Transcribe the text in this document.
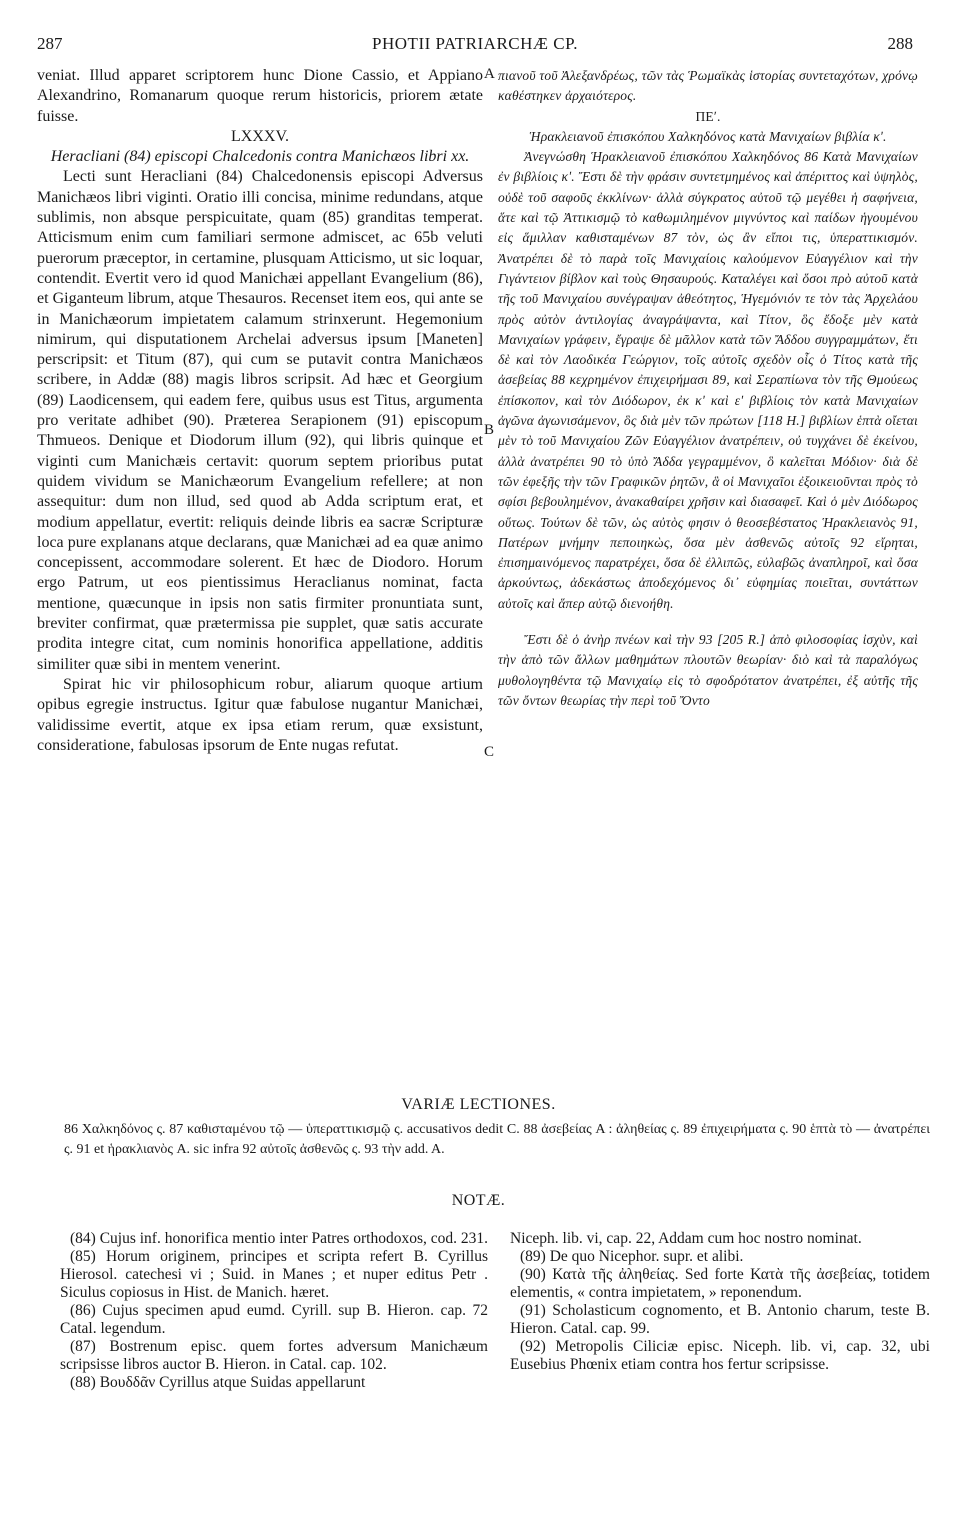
287	PHOTII PATRIARCHÆ CP.	288

veniat. Illud apparet scriptorem hunc Dione Cassio, et Appiano Alexandrino, Romanarum quoque rerum historicis, priorem ætate fuisse.

LXXXV.

Heracliani (84) episcopi Chalcedonis contra Manichæos libri xx.

Lecti sunt Heracliani (84) Chalcedonensis episcopi Adversus Manichæos libri viginti. Oratio illi concisa, minime redundans, atque sublimis, non absque perspicuitate, quam (85) granditas temperat. Atticismum enim cum familiari sermone admiscet, ac 65b veluti puerorum præceptor, in certamine, plusquam Atticismo, ut sic loquar, contendit. Evertit vero id quod Manichæi appellant Evangelium (86), et Giganteum librum, atque Thesauros. Recenset item eos, qui ante se in Manichæorum impietatem calamum strinxerunt. Hegemonium nimirum, qui disputationem Archelai adversus ipsum [Maneten] perscripsit: et Titum (87), qui cum se putavit contra Manichæos scribere, in Addæ (88) magis libros scripsit. Ad hæc et Georgium (89) Laodicensem, qui eadem fere, quibus usus est Titus, argumenta pro veritate adhibet (90). Præterea Serapionem (91) episcopum Thmueos. Denique et Diodorum illum (92), qui libris quinque et viginti cum Manichæis certavit: quorum septem prioribus putat quidem vividum se Manichæorum Evangelium refellere; at non assequitur: dum non illud, sed quod ab Adda scriptum erat, et modium appellatur, evertit: reliquis deinde libris ea sacræ Scripturæ loca pure explanans atque declarans, quæ Manichæi ad ea quæ animo concepissent, accommodare solerent. Et hæc de Diodoro. Horum ergo Patrum, ut eos pientissimus Heraclianus nominat, facta mentione, quæcunque in ipsis non satis firmiter pronuntiata sunt, breviter confirmat, quæ prætermissa pie supplet, quæ satis accurate prodita integre citat, cum nominis honorifica appellatione, additis similiter quæ sibi in mentem venerint.

Spirat hic vir philosophicum robur, aliarum quoque artium opibus egregie instructus. Igitur quæ fabulose nugantur Manichæi, validissime evertit, atque ex ipsa etiam rerum, quæ exsistunt, consideratione, fabulosas ipsorum de Ente nugas refutat.

A
B
C

πιανοῦ τοῦ Ἀλεξανδρέως, τῶν τὰς Ῥωμαϊκὰς ἱστορίας συντεταχότων, χρόνῳ καθέστηκεν ἀρχαιότερος.

ΠΕʹ.

Ἡρακλειανοῦ ἐπισκόπου Χαλκηδόνος κατὰ Μανιχαίων βιβλία κʹ.

Ἀνεγνώσθη Ἡρακλειανοῦ ἐπισκόπου Χαλκηδόνος 86 Κατὰ Μανιχαίων ἐν βιβλίοις κʹ. Ἔστι δὲ τὴν φράσιν συντετμημένος καὶ ἀπέριττος καὶ ὑψηλὸς, οὐδὲ τοῦ σαφοῦς ἐκκλίνων· ἀλλὰ σύγκρατος αὐτοῦ τῷ μεγέθει ἡ σαφήνεια, ἅτε καὶ τῷ Ἀττικισμῷ τὸ καθωμιλημένον μιγνύντος καὶ παίδων ἡγουμένου εἰς ἅμιλλαν καθισταμένων 87 τὸν, ὡς ἂν εἴποι τις, ὑπεραττικισμόν. Ἀνατρέπει δὲ τὸ παρὰ τοῖς Μανιχαίοις καλούμενον Εὐαγγέλιον καὶ τὴν Γιγάντειον βίβλον καὶ τοὺς Θησαυρούς. Καταλέγει καὶ ὅσοι πρὸ αὐτοῦ κατὰ τῆς τοῦ Μανιχαίου συνέγραψαν ἀθεότητος, Ἡγεμόνιόν τε τὸν τὰς Ἀρχελάου πρὸς αὐτὸν ἀντιλογίας ἀναγράψαντα, καὶ Τίτον, ὃς ἔδοξε μὲν κατὰ Μανιχαίων γράφειν, ἔγραψε δὲ μᾶλλον κατὰ τῶν Ἄδδου συγγραμμάτων, ἔτι δὲ καὶ τὸν Λαοδικέα Γεώργιον, τοῖς αὐτοῖς σχεδὸν οἷς ὁ Τίτος κατὰ τῆς ἀσεβείας 88 κεχρημένον ἐπιχειρήμασι 89, καὶ Σεραπίωνα τὸν τῆς Θμούεως ἐπίσκοπον, καὶ τὸν Διόδωρον, ἐκ κʹ καὶ εʹ βιβλίοις τὸν κατὰ Μανιχαίων ἀγῶνα ἀγωνισάμενον, ὃς διὰ μὲν τῶν πρώτων [118 H.] βιβλίων ἑπτὰ οἴεται μὲν τὸ τοῦ Μανιχαίου Ζῶν Εὐαγγέλιον ἀνατρέπειν, οὐ τυγχάνει δὲ ἐκείνου, ἀλλὰ ἀνατρέπει 90 τὸ ὑπὸ Ἄδδα γεγραμμένον, ὃ καλεῖται Μόδιον· διὰ δὲ τῶν ἐφεξῆς τὴν τῶν Γραφικῶν ῥητῶν, ἃ οἱ Μανιχαῖοι ἐξοικειοῦνται πρὸς τὸ σφίσι βεβουλημένον, ἀνακαθαίρει χρῆσιν καὶ διασαφεῖ. Καὶ ὁ μὲν Διόδωρος οὕτως. Τούτων δὲ τῶν, ὡς αὐτὸς φησιν ὁ θεοσεβέστατος Ἡρακλειανὸς 91, Πατέρων μνήμην πεποιηκὼς, ὅσα μὲν ἀσθενῶς αὐτοῖς 92 εἴρηται, ἐπισημαινόμενος παρατρέχει, ὅσα δὲ ἐλλιπῶς, εὐλαβῶς ἀναπληροῖ, καὶ ὅσα ἀρκούντως, ἀδεκάστως ἀποδεχόμενος δι᾽ εὐφημίας ποιεῖται, συντάττων αὐτοῖς καὶ ἅπερ αὐτῷ διενοήθη.

Ἔστι δὲ ὁ ἀνὴρ πνέων καὶ τὴν 93 [205 R.] ἀπὸ φιλοσοφίας ἰσχὺν, καὶ τὴν ἀπὸ τῶν ἄλλων μαθημάτων πλουτῶν θεωρίαν· διὸ καὶ τὰ παραλόγως μυθολογηθέντα τῷ Μανιχαίῳ εἰς τὸ σφοδρότατον ἀνατρέπει, ἐξ αὐτῆς τῆς τῶν ὄντων θεωρίας τὴν περὶ τοῦ Ὄντο

VARIÆ LECTIONES.
86 Χαλκηδόνος ς. 87 καθισταμένου τῷ — ὑπεραττικισμῷ ς. accusativos dedit C. 88 ἀσεβείας A : ἀληθείας ς. 89 ἐπιχειρήματα ς. 90 ἑπτὰ τὸ — ἀνατρέπει ς. 91 et ἡρακλιανὸς A. sic infra 92 αὐτοῖς ἀσθενῶς ς. 93 τὴν add. A.
NOTÆ.

(84) Cujus inf. honorifica mentio inter Patres orthodoxos, cod. 231.

(85) Horum originem, principes et scripta refert B. Cyrillus Hierosol. catechesi vi ; Suid. in Manes ; et nuper editus Petr . Siculus copiosus in Hist. de Manich. hæret.

(86) Cujus specimen apud eumd. Cyrill. sup B. Hieron. cap. 72 Catal. legendum.

(87) Bostrenum episc. quem fortes adversum Manichæum scripsisse libros auctor B. Hieron. in Catal. cap. 102.

(88) Βουδδᾶν Cyrillus atque Suidas appellarunt

Niceph. lib. vi, cap. 22, Addam cum hoc nostro nominat.

(89) De quo Nicephor. supr. et alibi.

(90) Κατὰ τῆς ἀληθείας. Sed forte Κατὰ τῆς ἀσεβείας, totidem elementis, « contra impietatem, » reponendum.

(91) Scholasticum cognomento, et B. Antonio charum, teste B. Hieron. Catal. cap. 99.

(92) Metropolis Ciliciæ episc. Niceph. lib. vi, cap. 32, ubi Eusebius Phœnix etiam contra hos fertur scripsisse.
